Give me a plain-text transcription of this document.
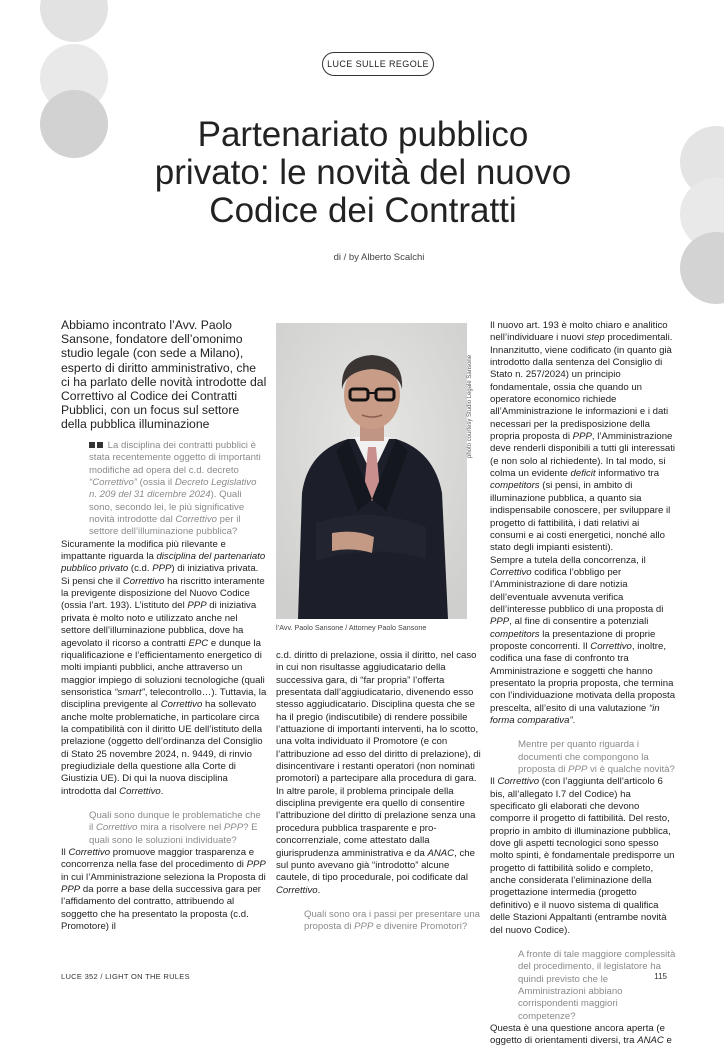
LUCE SULLE REGOLE
Partenariato pubblico privato: le novità del nuovo Codice dei Contratti
di / by Alberto Scalchi
Abbiamo incontrato l’Avv. Paolo Sansone, fondatore dell’omonimo studio legale (con sede a Milano), esperto di diritto amministrativo, che ci ha parlato delle novità introdotte dal Correttivo al Codice dei Contratti Pubblici, con un focus sul settore della pubblica illuminazione

La disciplina dei contratti pubblici è stata recentemente oggetto di importanti modifiche ad opera del c.d. decreto “Correttivo” (ossia il Decreto Legislativo n. 209 del 31 dicembre 2024). Quali sono, secondo lei, le più significative novità introdotte dal Correttivo per il settore dell’illuminazione pubblica?

Sicuramente la modifica più rilevante e impattante riguarda la disciplina del partenariato pubblico privato (c.d. PPP) di iniziativa privata. Si pensi che il Correttivo ha riscritto interamente la previgente disposizione del Nuovo Codice (ossia l’art. 193). L’istituto del PPP di iniziativa privata è molto noto e utilizzato anche nel settore dell’illuminazione pubblica, dove ha agevolato il ricorso a contratti EPC e dunque la riqualificazione e l’efficientamento energetico di molti impianti pubblici, anche attraverso un maggior impiego di soluzioni tecnologiche (quali sensoristica “smart”, telecontrollo…). Tuttavia, la disciplina previgente al Correttivo ha sollevato anche molte problematiche, in particolare circa la compatibilità con il diritto UE dell’istituto della prelazione (oggetto dell’ordinanza del Consiglio di Stato 25 novembre 2024, n. 9449, di rinvio pregiudiziale della questione alla Corte di Giustizia UE). Di qui la nuova disciplina introdotta dal Correttivo.

Quali sono dunque le problematiche che il Correttivo mira a risolvere nel PPP? E quali sono le soluzioni individuate?

Il Correttivo promuove maggior trasparenza e concorrenza nella fase del procedimento di PPP in cui l’Amministrazione seleziona la Proposta di PPP da porre a base della successiva gara per l’affidamento del contratto, attribuendo al soggetto che ha presentato la proposta (c.d. Promotore) il

photo courtesy Studio Legale Sansone
l’Avv. Paolo Sansone / Attorney Paolo Sansone

c.d. diritto di prelazione, ossia il diritto, nel caso in cui non risultasse aggiudicatario della successiva gara, di “far propria” l’offerta presentata dall’aggiudicatario, divenendo esso stesso aggiudicatario. Disciplina questa che se ha il pregio (indiscutibile) di rendere possibile l’attuazione di importanti interventi, ha lo scotto, una volta individuato il Promotore (e con l’attribuzione ad esso del diritto di prelazione), di disincentivare i restanti operatori (non nominati promotori) a partecipare alla procedura di gara. In altre parole, il problema principale della disciplina previgente era quello di consentire l’attribuzione del diritto di prelazione senza una procedura pubblica trasparente e pro-concorrenziale, come attestato dalla giurisprudenza amministrativa e da ANAC, che sul punto avevano già “introdotto” alcune cautele, di tipo procedurale, poi codificate dal Correttivo.

Quali sono ora i passi per presentare una proposta di PPP e divenire Promotori?

Il nuovo art. 193 è molto chiaro e analitico nell’individuare i nuovi step procedimentali. Innanzitutto, viene codificato (in quanto già introdotto dalla sentenza del Consiglio di Stato n. 257/2024) un principio fondamentale, ossia che quando un operatore economico richiede all’Amministrazione le informazioni e i dati necessari per la predisposizione della propria proposta di PPP, l’Amministrazione deve renderli disponibili a tutti gli interessati (e non solo al richiedente). In tal modo, si colma un evidente deficit informativo tra competitors (si pensi, in ambito di illuminazione pubblica, a quanto sia indispensabile conoscere, per sviluppare il progetto di fattibilità, i dati relativi ai consumi e ai costi energetici, nonché allo stato degli impianti esistenti).

Sempre a tutela della concorrenza, il Correttivo codifica l’obbligo per l’Amministrazione di dare notizia dell’eventuale avvenuta verifica dell’interesse pubblico di una proposta di PPP, al fine di consentire a potenziali competitors la presentazione di proprie proposte concorrenti. Il Correttivo, inoltre, codifica una fase di confronto tra Amministrazione e soggetti che hanno presentato la propria proposta, che termina con l’individuazione motivata della proposta prescelta, all’esito di una valutazione “in forma comparativa”.

Mentre per quanto riguarda i documenti che compongono la proposta di PPP vi è qualche novità?

Il Correttivo (con l’aggiunta dell’articolo 6 bis, all’allegato I.7 del Codice) ha specificato gli elaborati che devono comporre il progetto di fattibilità. Del resto, proprio in ambito di illuminazione pubblica, dove gli aspetti tecnologici sono spesso molto spinti, è fondamentale predisporre un progetto di fattibilità solido e completo, anche considerata l’eliminazione della progettazione intermedia (progetto definitivo) e il nuovo sistema di qualifica delle Stazioni Appaltanti (entrambe novità del nuovo Codice).

A fronte di tale maggiore complessità del procedimento, il legislatore ha quindi previsto che le Amministrazioni abbiano corrispondenti maggiori competenze?

Questa è una questione ancora aperta (e oggetto di orientamenti diversi, tra ANAC e

LUCE 352 / LIGHT ON THE RULES	115
